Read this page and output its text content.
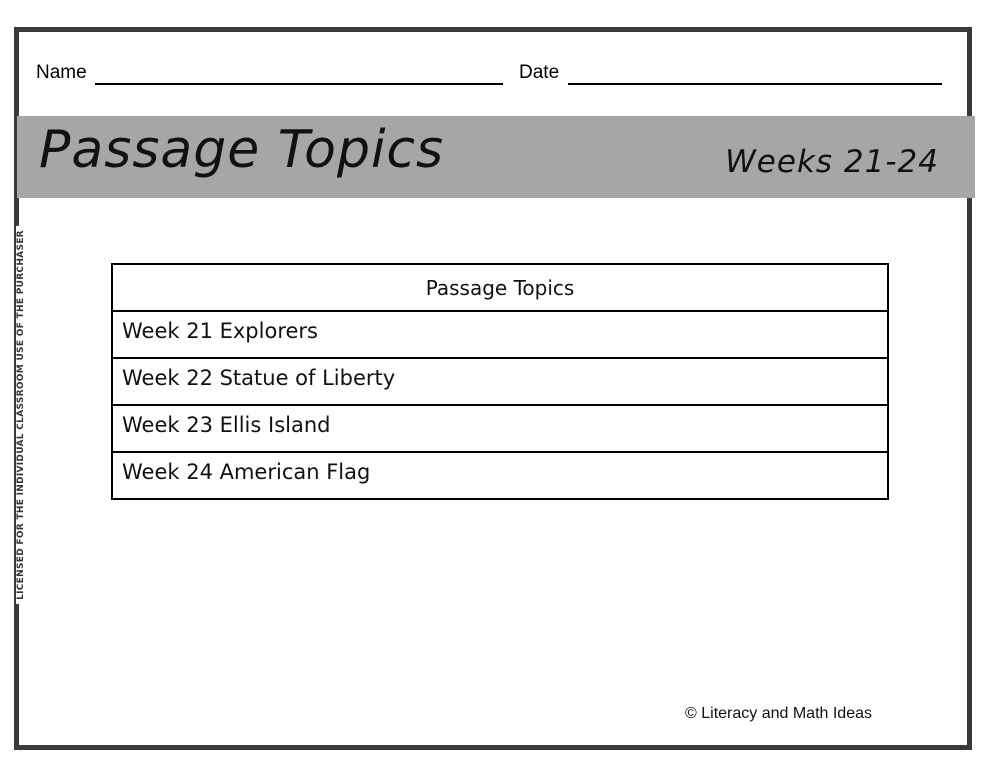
Name	Date
Passage Topics	Weeks 21-24
LICENSED FOR THE INDIVIDUAL CLASSROOM USE OF THE PURCHASER	Passage Topics
Week 21 Explorers
Week 22 Statue of Liberty
Week 23 Ellis Island
Week 24 American Flag
© Literacy and Math Ideas
